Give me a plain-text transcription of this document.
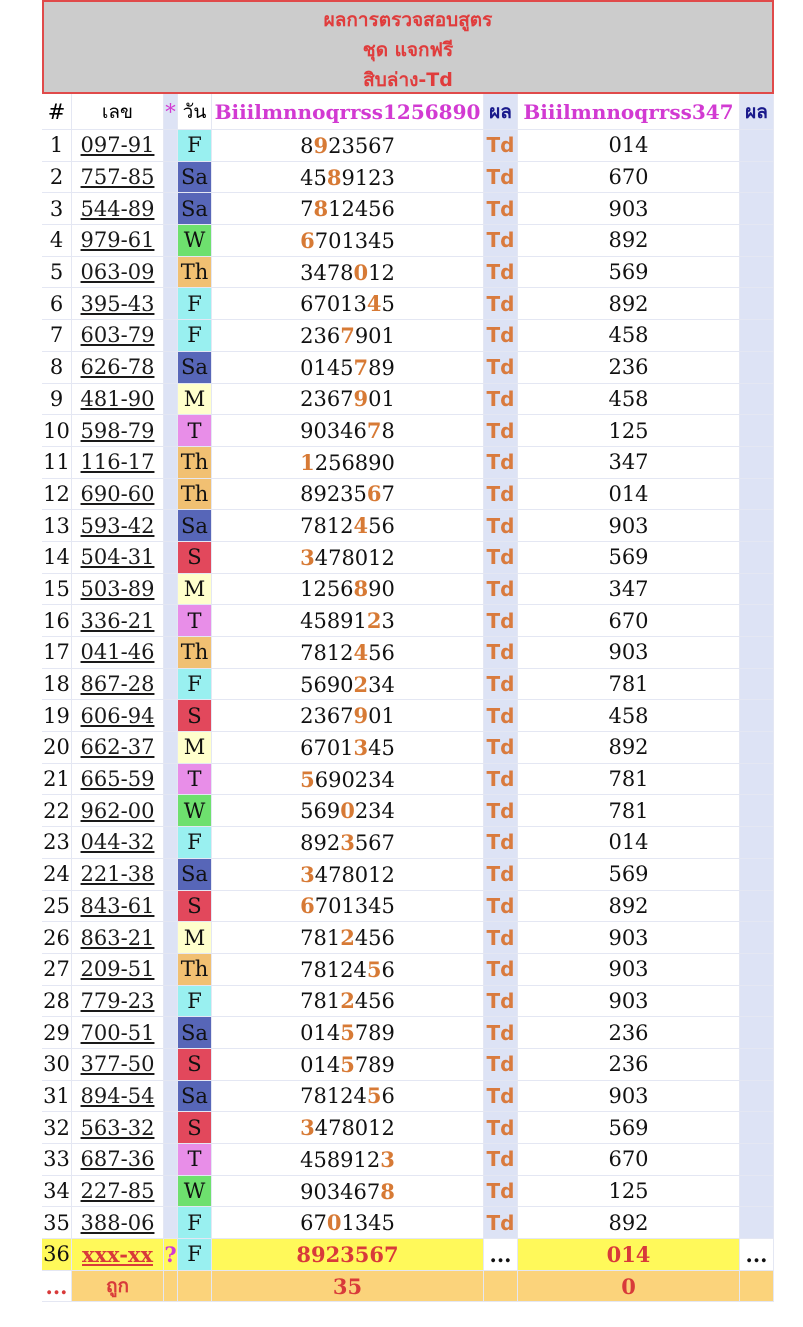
ผลการตรวจสอบสูตร
ชุด แจกฟรี
สิบล่าง-Td
#	เลข	*	วัน	Biiilmnnoqrrss1256890	ผล	Biiilmnnoqrrss347	ผล
1	097-91		F	8923567	Td	014	
2	757-85		Sa	4589123	Td	670	
3	544-89		Sa	7812456	Td	903	
4	979-61		W	6701345	Td	892	
5	063-09		Th	3478012	Td	569	
6	395-43		F	6701345	Td	892	
7	603-79		F	2367901	Td	458	
8	626-78		Sa	0145789	Td	236	
9	481-90		M	2367901	Td	458	
10	598-79		T	9034678	Td	125	
11	116-17		Th	1256890	Td	347	
12	690-60		Th	8923567	Td	014	
13	593-42		Sa	7812456	Td	903	
14	504-31		S	3478012	Td	569	
15	503-89		M	1256890	Td	347	
16	336-21		T	4589123	Td	670	
17	041-46		Th	7812456	Td	903	
18	867-28		F	5690234	Td	781	
19	606-94		S	2367901	Td	458	
20	662-37		M	6701345	Td	892	
21	665-59		T	5690234	Td	781	
22	962-00		W	5690234	Td	781	
23	044-32		F	8923567	Td	014	
24	221-38		Sa	3478012	Td	569	
25	843-61		S	6701345	Td	892	
26	863-21		M	7812456	Td	903	
27	209-51		Th	7812456	Td	903	
28	779-23		F	7812456	Td	903	
29	700-51		Sa	0145789	Td	236	
30	377-50		S	0145789	Td	236	
31	894-54		Sa	7812456	Td	903	
32	563-32		S	3478012	Td	569	
33	687-36		T	4589123	Td	670	
34	227-85		W	9034678	Td	125	
35	388-06		F	6701345	Td	892	
36	xxx-xx	?	F	8923567	...	014	...
...	ถูก			35		0	
